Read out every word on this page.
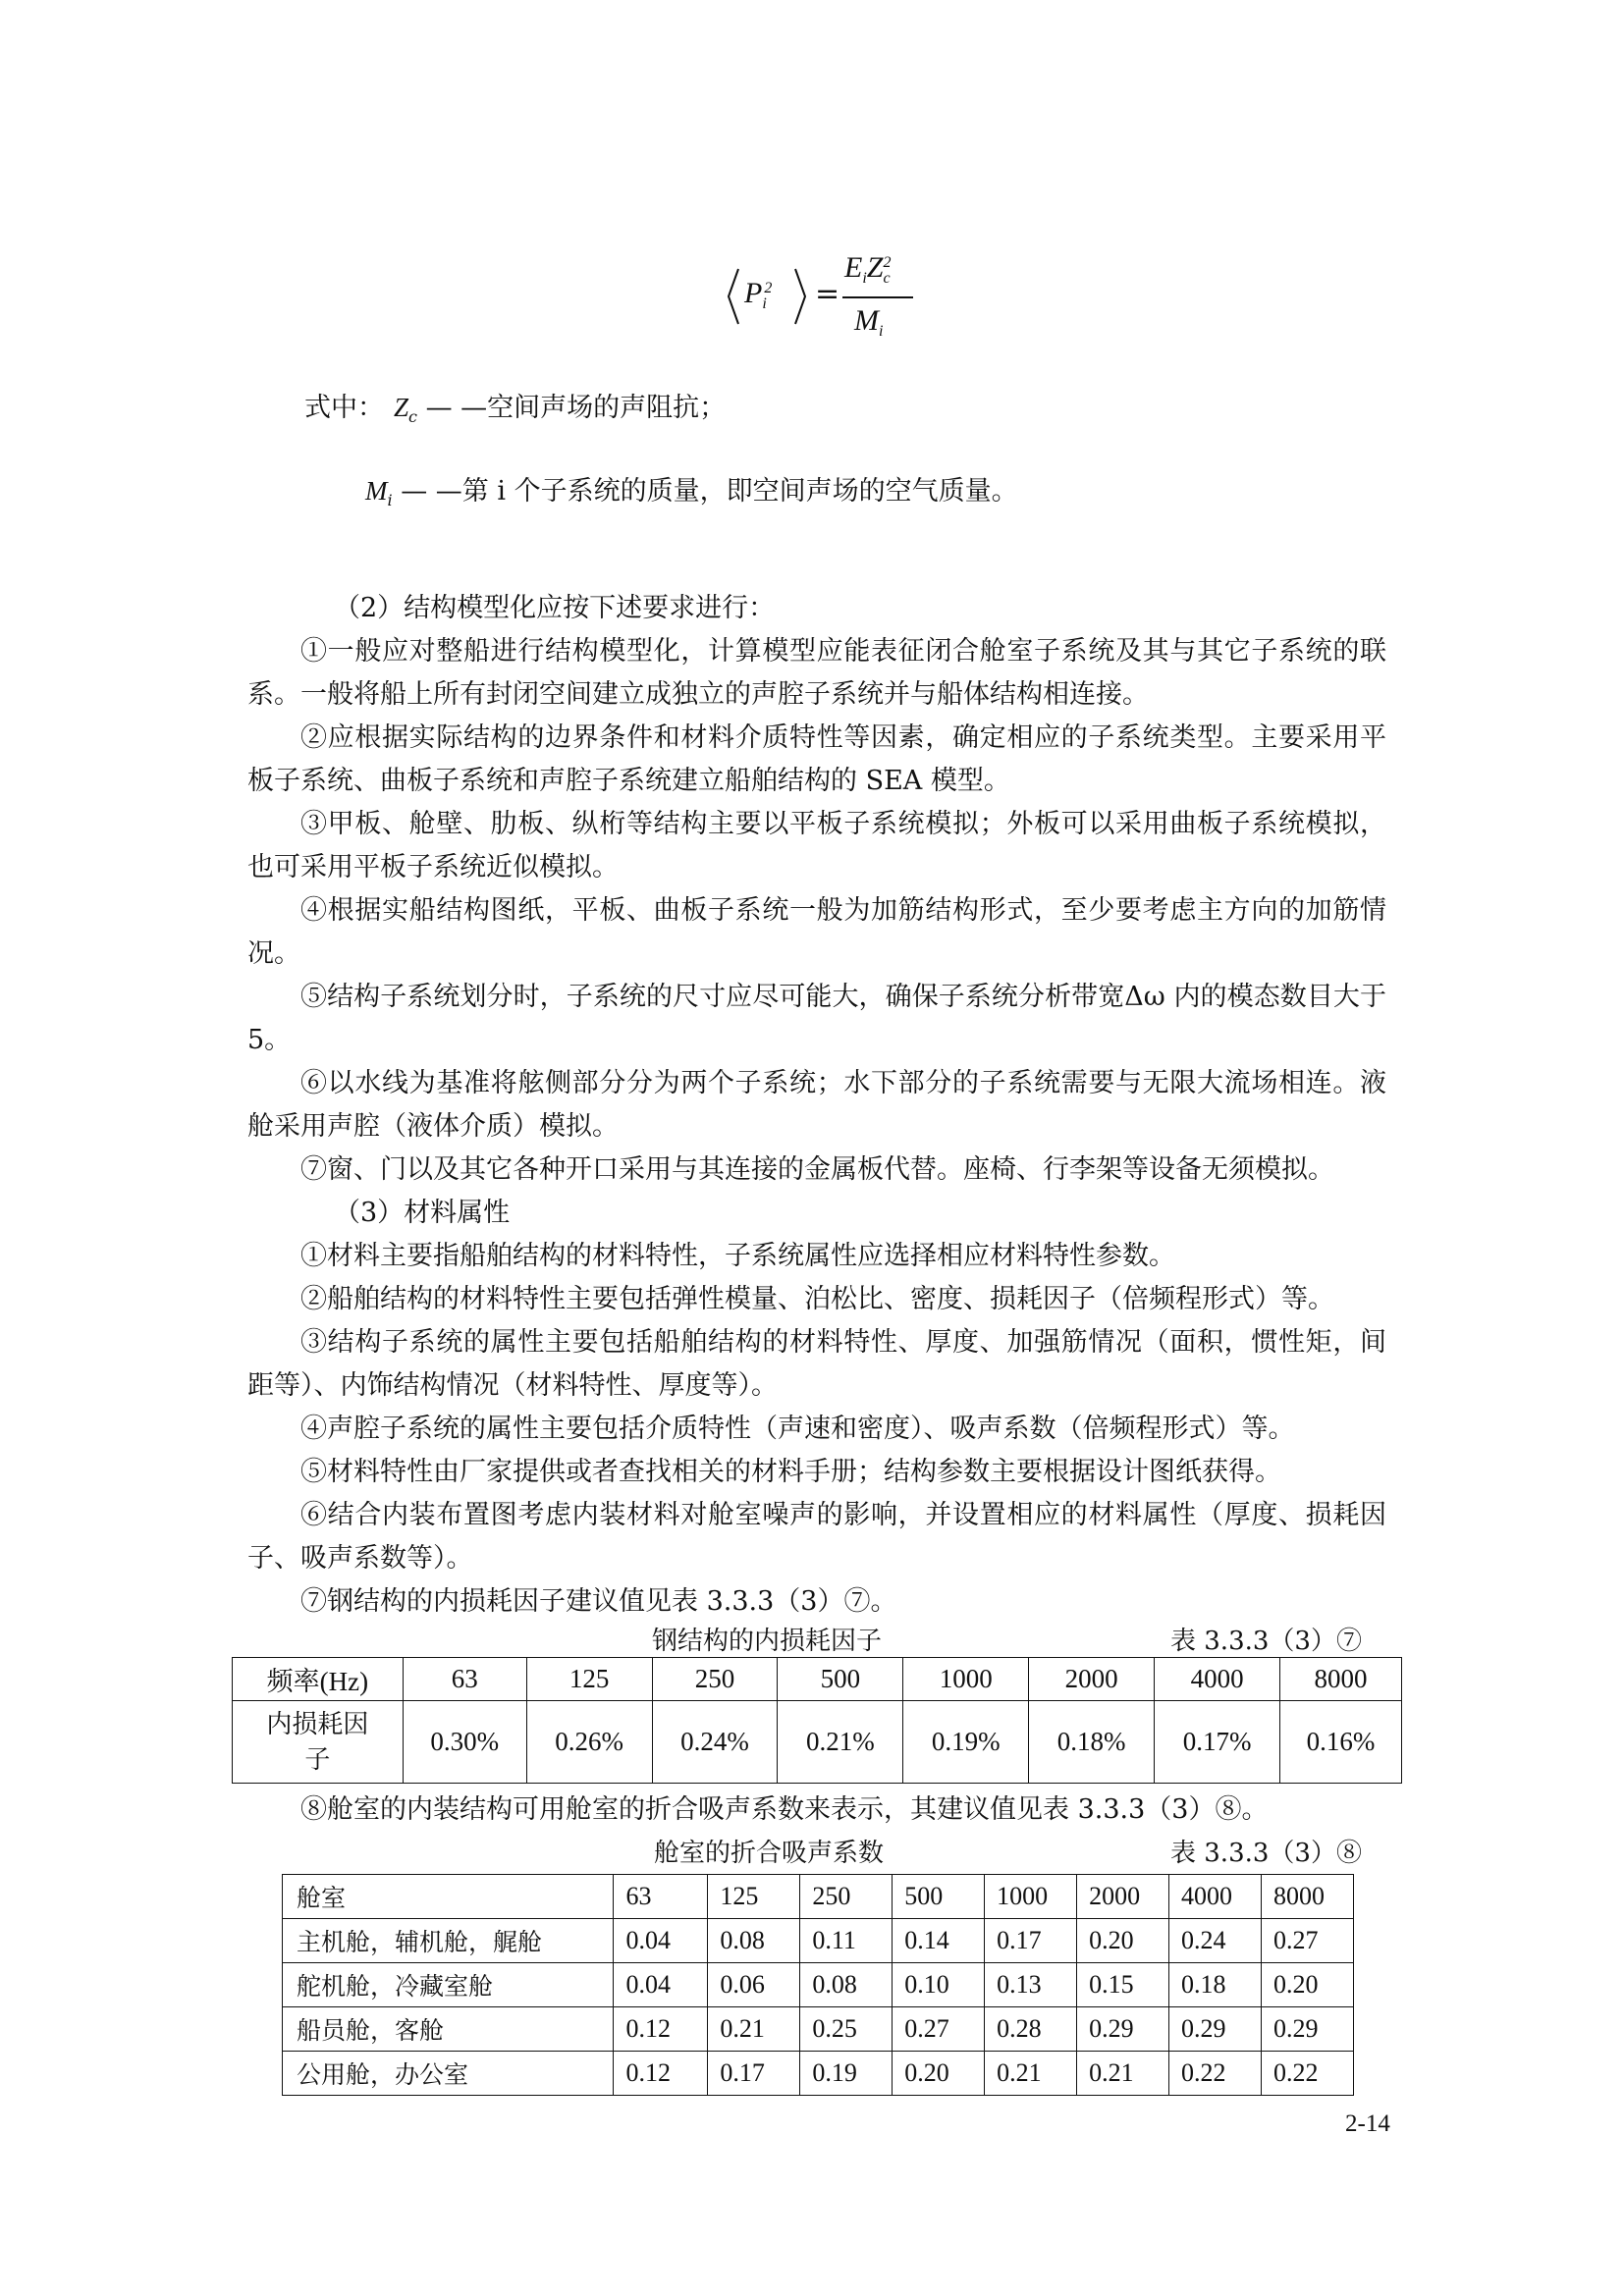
P $^2_i$ =
$E_iZ^2_c$
$M_i$
式中： $Z_c$ — —空间声场的声阻抗；
$M_i$ — —第 i 个子系统的质量，即空间声场的空气质量。
（2）结构模型化应按下述要求进行：

①一般应对整船进行结构模型化，计算模型应能表征闭合舱室子系统及其与其它子系统的联系。一般将船上所有封闭空间建立成独立的声腔子系统并与船体结构相连接。

②应根据实际结构的边界条件和材料介质特性等因素，确定相应的子系统类型。主要采用平板子系统、曲板子系统和声腔子系统建立船舶结构的 SEA 模型。

③甲板、舱壁、肋板、纵桁等结构主要以平板子系统模拟；外板可以采用曲板子系统模拟，也可采用平板子系统近似模拟。

④根据实船结构图纸，平板、曲板子系统一般为加筋结构形式，至少要考虑主方向的加筋情况。

⑤结构子系统划分时，子系统的尺寸应尽可能大，确保子系统分析带宽Δω 内的模态数目大于 5。

⑥以水线为基准将舷侧部分分为两个子系统；水下部分的子系统需要与无限大流场相连。液舱采用声腔（液体介质）模拟。

⑦窗、门以及其它各种开口采用与其连接的金属板代替。座椅、行李架等设备无须模拟。

（3）材料属性

①材料主要指船舶结构的材料特性，子系统属性应选择相应材料特性参数。

②船舶结构的材料特性主要包括弹性模量、泊松比、密度、损耗因子（倍频程形式）等。

③结构子系统的属性主要包括船舶结构的材料特性、厚度、加强筋情况（面积，惯性矩，间距等）、内饰结构情况（材料特性、厚度等）。

④声腔子系统的属性主要包括介质特性（声速和密度）、吸声系数（倍频程形式）等。

⑤材料特性由厂家提供或者查找相关的材料手册；结构参数主要根据设计图纸获得。

⑥结合内装布置图考虑内装材料对舱室噪声的影响，并设置相应的材料属性（厚度、损耗因子、吸声系数等）。

⑦钢结构的内损耗因子建议值见表 3.3.3（3）⑦。

钢结构的内损耗因子	表 3.3.3（3）⑦
频率(Hz)	63	125	250	500	1000	2000	4000	8000

内损耗因
子	0.30%	0.26%	0.24%	0.21%	0.19%	0.18%	0.17%	0.16%

⑧舱室的内装结构可用舱室的折合吸声系数来表示，其建议值见表 3.3.3（3）⑧。

舱室的折合吸声系数	表 3.3.3（3）⑧
舱室	63	125	250	500	1000	2000	4000	8000
主机舱，辅机舱，艉舱	0.04	0.08	0.11	0.14	0.17	0.20	0.24	0.27
舵机舱，冷藏室舱	0.04	0.06	0.08	0.10	0.13	0.15	0.18	0.20
船员舱，客舱	0.12	0.21	0.25	0.27	0.28	0.29	0.29	0.29
公用舱，办公室	0.12	0.17	0.19	0.20	0.21	0.21	0.22	0.22
2-14
